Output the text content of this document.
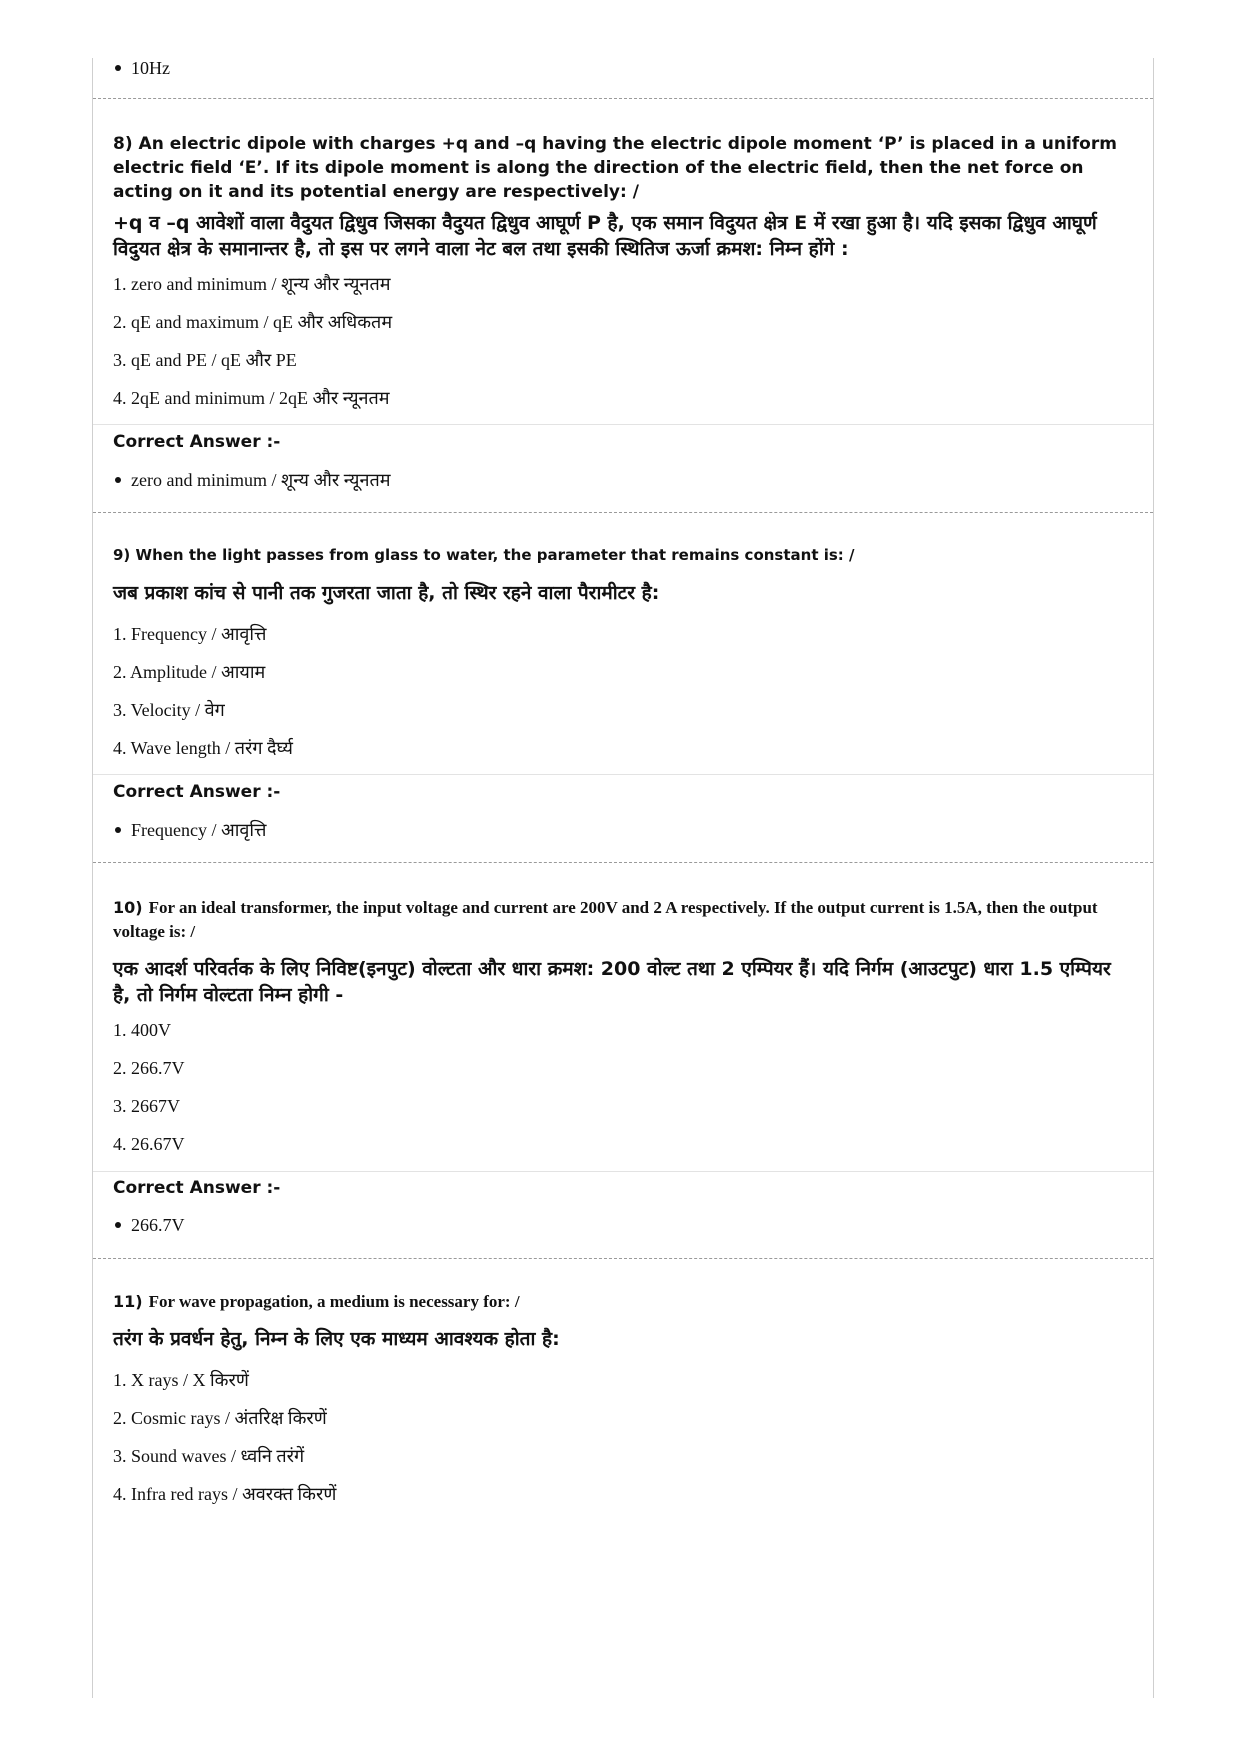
10Hz
8) An electric dipole with charges +q and –q having the electric dipole moment ‘P’ is placed in a uniform electric field ‘E’. If its dipole moment is along the direction of the electric field, then the net force on acting on it and its potential energy are respectively: /
+q व –q आवेशों वाला वैदुयत द्विधुव जिसका वैदुयत द्विधुव आघूर्ण P है, एक समान विदुयत क्षेत्र E में रखा हुआ है। यदि इसका द्विधुव आघूर्ण विदुयत क्षेत्र के समानान्तर है, तो इस पर लगने वाला नेट बल तथा इसकी स्थितिज ऊर्जा क्रमश: निम्न होंगे :
1. zero and minimum / शून्य और न्यूनतम
2. qE and maximum / qE और अधिकतम
3. qE and PE / qE और PE
4. 2qE and minimum / 2qE और न्यूनतम
Correct Answer :-
zero and minimum / शून्य और न्यूनतम
9) When the light passes from glass to water, the parameter that remains constant is: /
जब प्रकाश कांच से पानी तक गुजरता जाता है, तो स्थिर रहने वाला पैरामीटर है:
1. Frequency / आवृत्ति
2. Amplitude / आयाम
3. Velocity / वेग
4. Wave length / तरंग दैर्घ्य
Correct Answer :-
Frequency / आवृत्ति
10) For an ideal transformer, the input voltage and current are 200V and 2 A respectively. If the output current is 1.5A, then the output voltage is: /
एक आदर्श परिवर्तक के लिए निविष्ट(इनपुट) वोल्टता और धारा क्रमश: 200 वोल्ट तथा 2 एम्पियर हैं। यदि निर्गम (आउटपुट) धारा 1.5 एम्पियर है, तो निर्गम वोल्टता निम्न होगी -
1. 400V
2. 266.7V
3. 2667V
4. 26.67V
Correct Answer :-
266.7V
11) For wave propagation, a medium is necessary for: /
तरंग के प्रवर्धन हेतु, निम्न के लिए एक माध्यम आवश्यक होता है:
1. X rays / X किरणें
2. Cosmic rays / अंतरिक्ष किरणें
3. Sound waves / ध्वनि तरंगें
4. Infra red rays / अवरक्त किरणें
